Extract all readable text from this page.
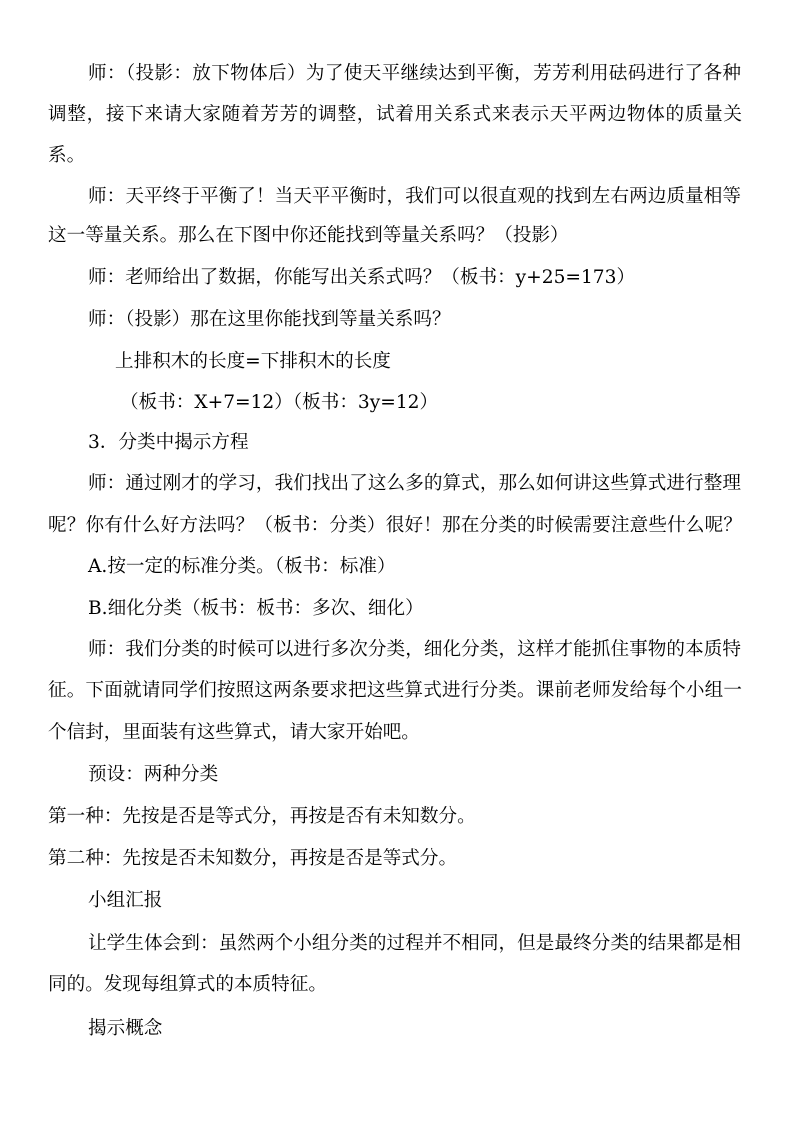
师：（投影：放下物体后）为了使天平继续达到平衡，芳芳利用砝码进行了各种
调整，接下来请大家随着芳芳的调整，试着用关系式来表示天平两边物体的质量关
系。
师：天平终于平衡了！当天平平衡时，我们可以很直观的找到左右两边质量相等
这一等量关系。那么在下图中你还能找到等量关系吗？（投影）
师：老师给出了数据，你能写出关系式吗？（板书：y+25=173）
师：（投影）那在这里你能找到等量关系吗？
上排积木的长度=下排积木的长度
（板书：X+7=12）（板书：3y=12）
3．分类中揭示方程
师：通过刚才的学习，我们找出了这么多的算式，那么如何讲这些算式进行整理
呢？你有什么好方法吗？（板书：分类）很好！那在分类的时候需要注意些什么呢？
A.按一定的标准分类。（板书：标准）
B.细化分类（板书：板书：多次、细化）
师：我们分类的时候可以进行多次分类，细化分类，这样才能抓住事物的本质特
征。下面就请同学们按照这两条要求把这些算式进行分类。课前老师发给每个小组一
个信封，里面装有这些算式，请大家开始吧。
预设：两种分类
第一种：先按是否是等式分，再按是否有未知数分。
第二种：先按是否未知数分，再按是否是等式分。
小组汇报
让学生体会到：虽然两个小组分类的过程并不相同，但是最终分类的结果都是相
同的。发现每组算式的本质特征。
揭示概念
